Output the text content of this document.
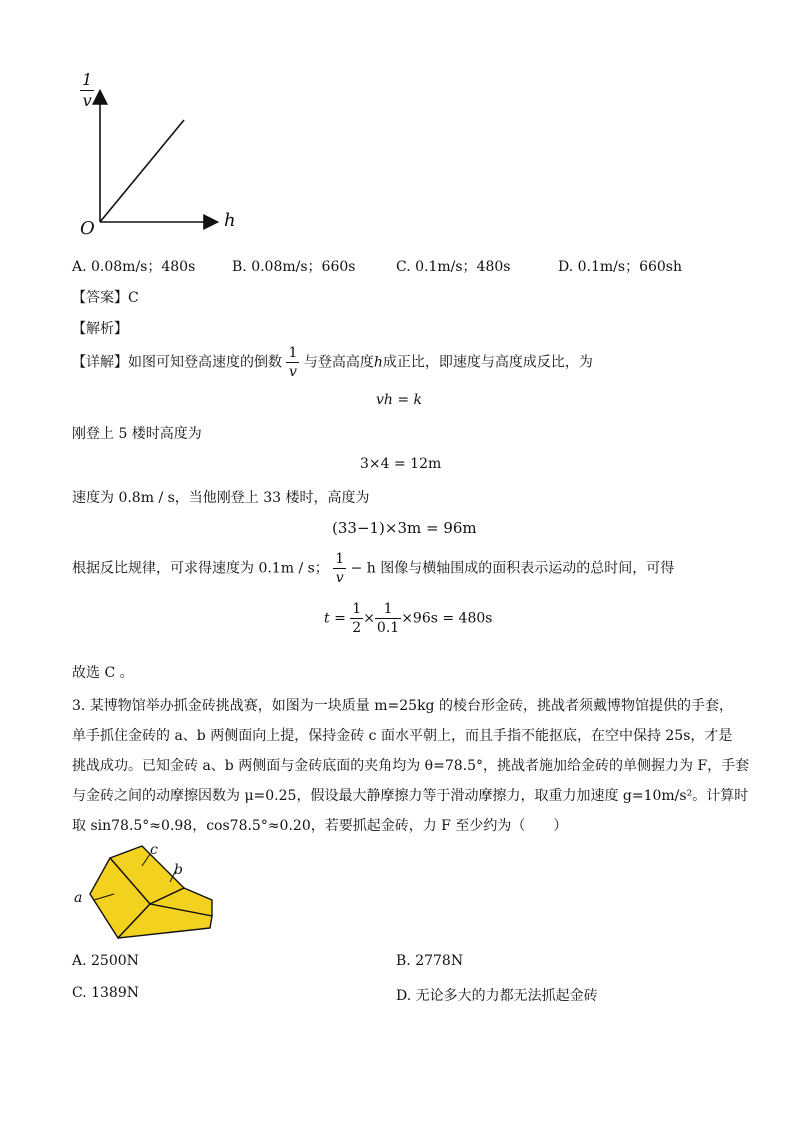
$\frac{1}{v}$
h
O
A. 0.08m/s；480s	B. 0.08m/s；660s	C. 0.1m/s；480s	D. 0.1m/s；660sh
【答案】C
【解析】
【详解】如图可知登高速度的倒数 $\frac{1}{v}$ 与登高高度h成正比，即速度与高度成反比，为
vh = k
刚登上 5 楼时高度为
3×4 = 12m
速度为 0.8m / s，当他刚登上 33 楼时，高度为
(33−1)×3m = 96m
根据反比规律，可求得速度为 0.1m / s； $\frac{1}{v} - h$ 图像与横轴围成的面积表示运动的总时间，可得
$t = \frac{1}{2} \times \frac{1}{0.1} \times 96s = 480s$
故选 C 。
3. 某博物馆举办抓金砖挑战赛，如图为一块质量 m=25kg 的棱台形金砖，挑战者须戴博物馆提供的手套，
单手抓住金砖的 a、b 两侧面向上提，保持金砖 c 面水平朝上，而且手指不能抠底，在空中保持 25s，才是
挑战成功。已知金砖 a、b 两侧面与金砖底面的夹角均为 θ=78.5°，挑战者施加给金砖的单侧握力为 F，手套
与金砖之间的动摩擦因数为 μ=0.25，假设最大静摩擦力等于滑动摩擦力，取重力加速度 g=10m/s²。计算时
取 sin78.5°≈0.98，cos78.5°≈0.20，若要抓起金砖，力 F 至少约为（　　）
a
b
c
A. 2500N	B. 2778N
C. 1389N	D. 无论多大的力都无法抓起金砖
